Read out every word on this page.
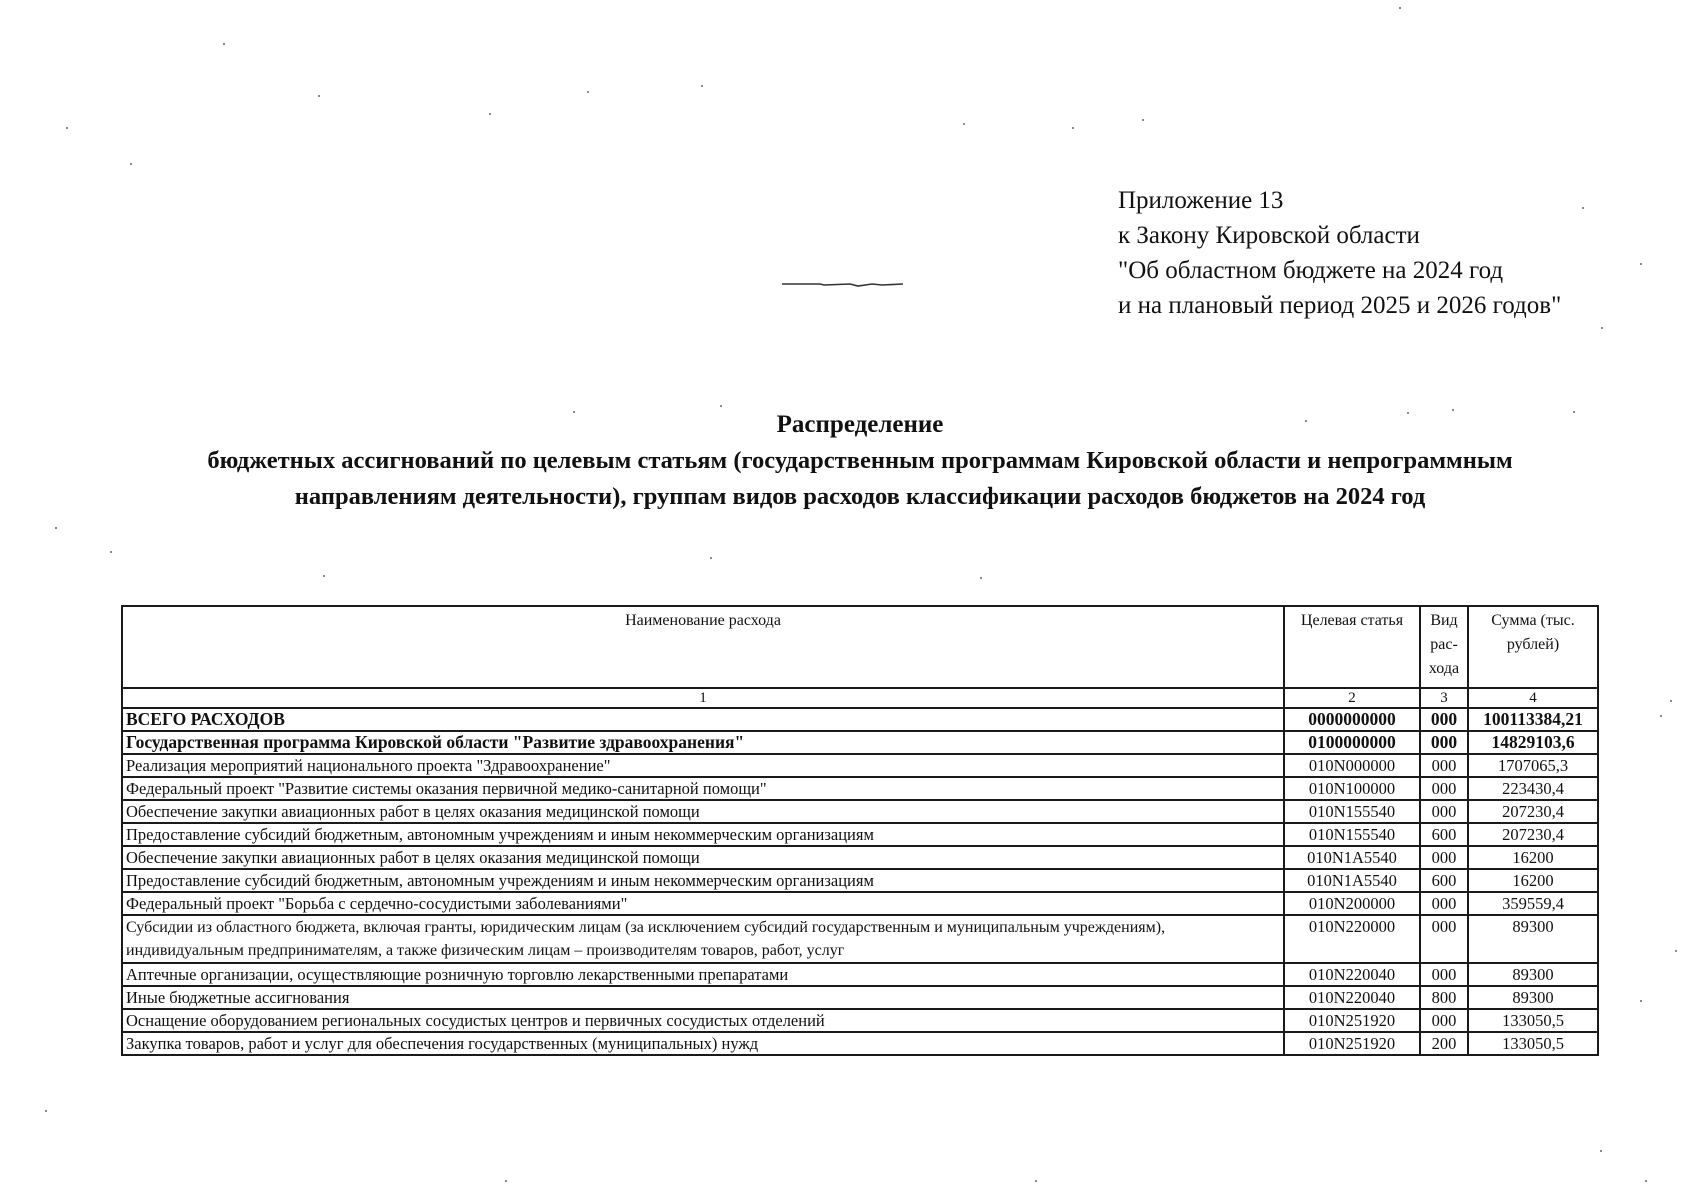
Приложение 13
к Закону Кировской области
"Об областном бюджете на 2024 год
и на плановый период 2025 и 2026 годов"
Распределение
бюджетных ассигнований по целевым статьям (государственным программам Кировской области и непрограммным
направлениям деятельности), группам видов расходов классификации расходов бюджетов на 2024 год
Наименование расхода	Целевая статья	Вид рас- хода	Сумма (тыс. рублей)
1	2	3	4
ВСЕГО РАСХОДОВ	0000000000	000	100113384,21
Государственная программа Кировской области "Развитие здравоохранения"	0100000000	000	14829103,6
Реализация мероприятий национального проекта "Здравоохранение"	010N000000	000	1707065,3
Федеральный проект "Развитие системы оказания первичной медико-санитарной помощи"	010N100000	000	223430,4
Обеспечение закупки авиационных работ в целях оказания медицинской помощи	010N155540	000	207230,4
Предоставление субсидий бюджетным, автономным учреждениям и иным некоммерческим организациям	010N155540	600	207230,4
Обеспечение закупки авиационных работ в целях оказания медицинской помощи	010N1A5540	000	16200
Предоставление субсидий бюджетным, автономным учреждениям и иным некоммерческим организациям	010N1A5540	600	16200
Федеральный проект "Борьба с сердечно-сосудистыми заболеваниями"	010N200000	000	359559,4
Субсидии из областного бюджета, включая гранты, юридическим лицам (за исключением субсидий государственным и муниципальным учреждениям), индивидуальным предпринимателям, а также физическим лицам – производителям товаров, работ, услуг	010N220000	000	89300
Аптечные организации, осуществляющие розничную торговлю лекарственными препаратами	010N220040	000	89300
Иные бюджетные ассигнования	010N220040	800	89300
Оснащение оборудованием региональных сосудистых центров и первичных сосудистых отделений	010N251920	000	133050,5
Закупка товаров, работ и услуг для обеспечения государственных (муниципальных) нужд	010N251920	200	133050,5
